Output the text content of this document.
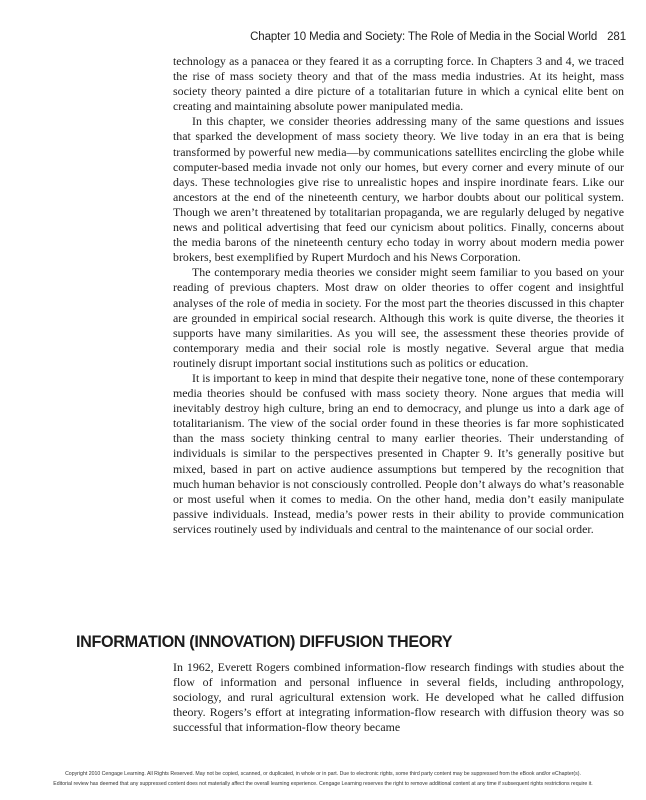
Chapter 10 Media and Society: The Role of Media in the Social World 281

technology as a panacea or they feared it as a corrupting force. In Chapters 3 and 4, we traced the rise of mass society theory and that of the mass media industries. At its height, mass society theory painted a dire picture of a totalitarian future in which a cynical elite bent on creating and maintaining absolute power manipulated media.

In this chapter, we consider theories addressing many of the same questions and issues that sparked the development of mass society theory. We live today in an era that is being transformed by powerful new media—by communications satellites encircling the globe while computer-based media invade not only our homes, but every corner and every minute of our days. These technologies give rise to unrealistic hopes and inspire inordinate fears. Like our ancestors at the end of the nineteenth century, we harbor doubts about our political system. Though we aren’t threatened by totalitarian propaganda, we are regularly deluged by negative news and political advertising that feed our cynicism about politics. Finally, concerns about the media barons of the nineteenth century echo today in worry about modern media power brokers, best exemplified by Rupert Murdoch and his News Corporation.

The contemporary media theories we consider might seem familiar to you based on your reading of previous chapters. Most draw on older theories to offer cogent and insightful analyses of the role of media in society. For the most part the theories discussed in this chapter are grounded in empirical social research. Although this work is quite diverse, the theories it supports have many similarities. As you will see, the assessment these theories provide of contemporary media and their social role is mostly negative. Several argue that media routinely disrupt important social institutions such as politics or education.

It is important to keep in mind that despite their negative tone, none of these contemporary media theories should be confused with mass society theory. None argues that media will inevitably destroy high culture, bring an end to democracy, and plunge us into a dark age of totalitarianism. The view of the social order found in these theories is far more sophisticated than the mass society thinking central to many earlier theories. Their understanding of individuals is similar to the perspectives presented in Chapter 9. It’s generally positive but mixed, based in part on active audience assumptions but tempered by the recognition that much human behavior is not consciously controlled. People don’t always do what’s reasonable or most useful when it comes to media. On the other hand, media don’t easily manipulate passive individuals. Instead, media’s power rests in their ability to provide communication services routinely used by individuals and central to the maintenance of our social order.

INFORMATION (INNOVATION) DIFFUSION THEORY

In 1962, Everett Rogers combined information-flow research findings with studies about the flow of information and personal influence in several fields, including anthropology, sociology, and rural agricultural extension work. He developed what he called diffusion theory. Rogers’s effort at integrating information-flow research with diffusion theory was so successful that information-flow theory became

Copyright 2010 Cengage Learning. All Rights Reserved. May not be copied, scanned, or duplicated, in whole or in part. Due to electronic rights, some third party content may be suppressed from the eBook and/or eChapter(s).
Editorial review has deemed that any suppressed content does not materially affect the overall learning experience. Cengage Learning reserves the right to remove additional content at any time if subsequent rights restrictions require it.
